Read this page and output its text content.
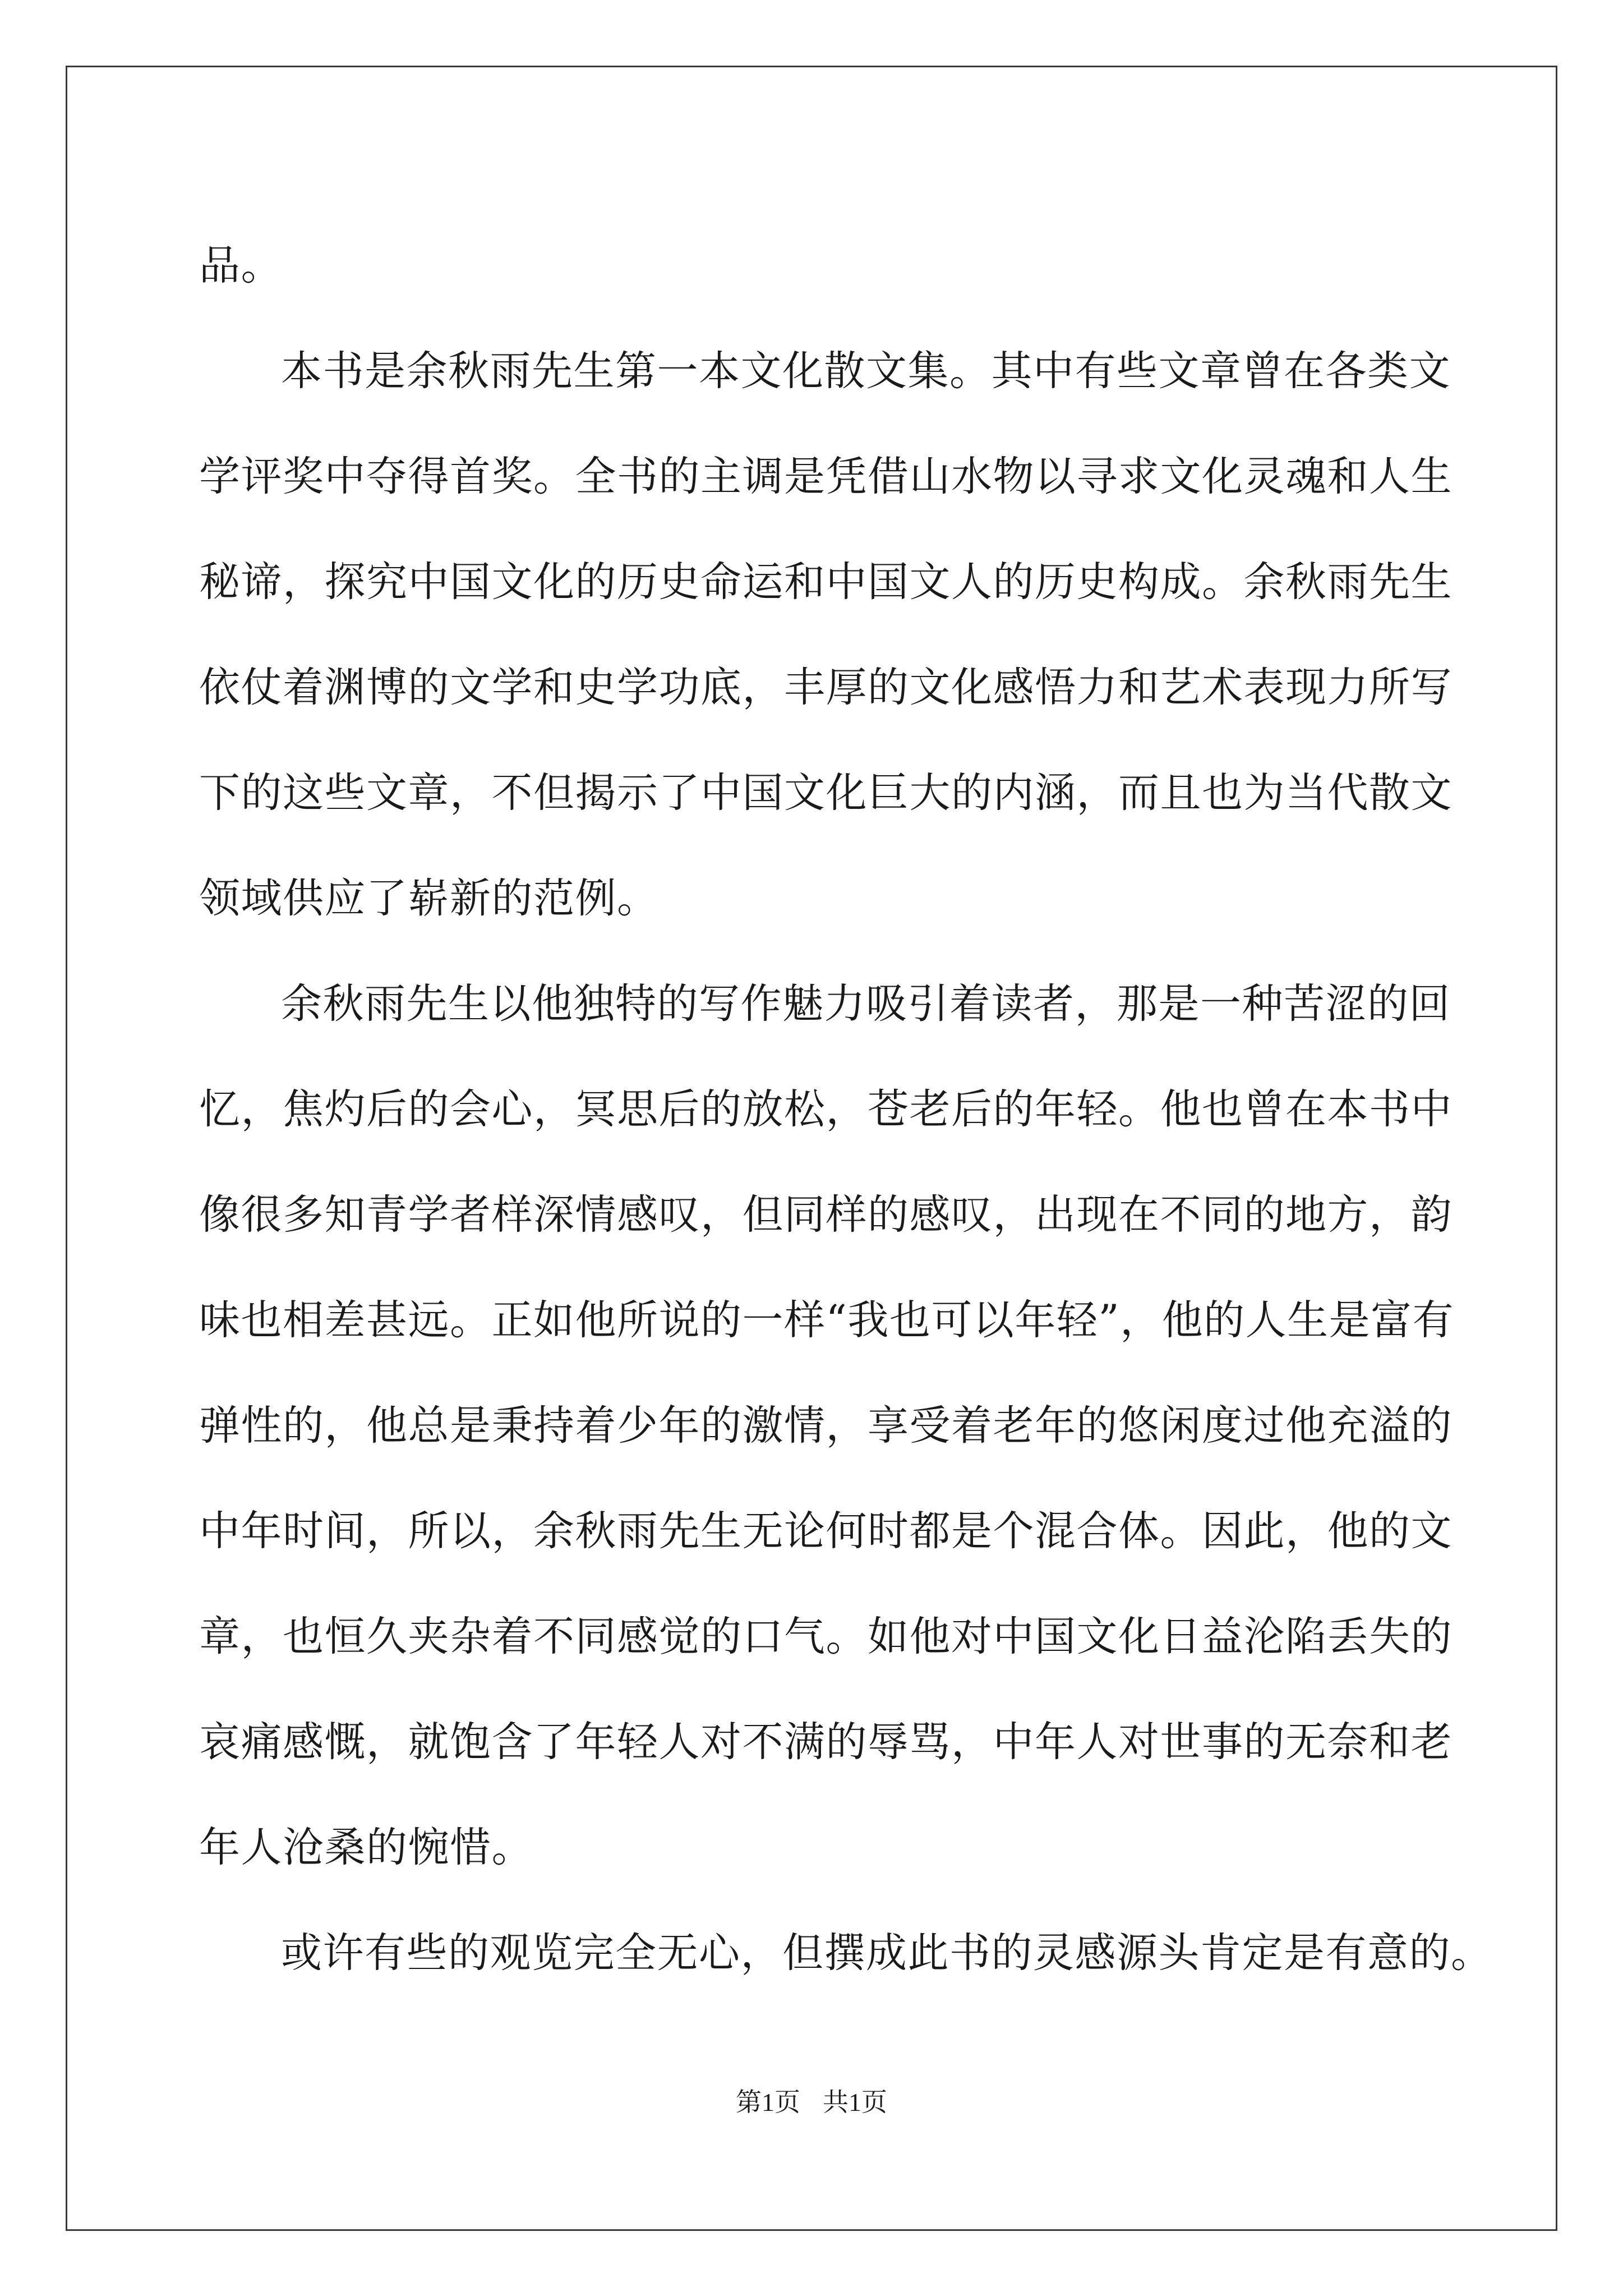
品。
本书是余秋雨先生第一本文化散文集。其中有些文章曾在各类文
学评奖中夺得首奖。全书的主调是凭借山水物以寻求文化灵魂和人生
秘谛，探究中国文化的历史命运和中国文人的历史构成。余秋雨先生
依仗着渊博的文学和史学功底，丰厚的文化感悟力和艺术表现力所写
下的这些文章，不但揭示了中国文化巨大的内涵，而且也为当代散文
领域供应了崭新的范例。
余秋雨先生以他独特的写作魅力吸引着读者，那是一种苦涩的回
忆，焦灼后的会心，冥思后的放松，苍老后的年轻。他也曾在本书中
像很多知青学者样深情感叹，但同样的感叹，出现在不同的地方，韵
味也相差甚远。正如他所说的一样“我也可以年轻”，他的人生是富有
弹性的，他总是秉持着少年的激情，享受着老年的悠闲度过他充溢的
中年时间，所以，余秋雨先生无论何时都是个混合体。因此，他的文
章，也恒久夹杂着不同感觉的口气。如他对中国文化日益沦陷丢失的
哀痛感慨，就饱含了年轻人对不满的辱骂，中年人对世事的无奈和老
年人沧桑的惋惜。
或许有些的观览完全无心，但撰成此书的灵感源头肯定是有意的。
第1页 共1页
